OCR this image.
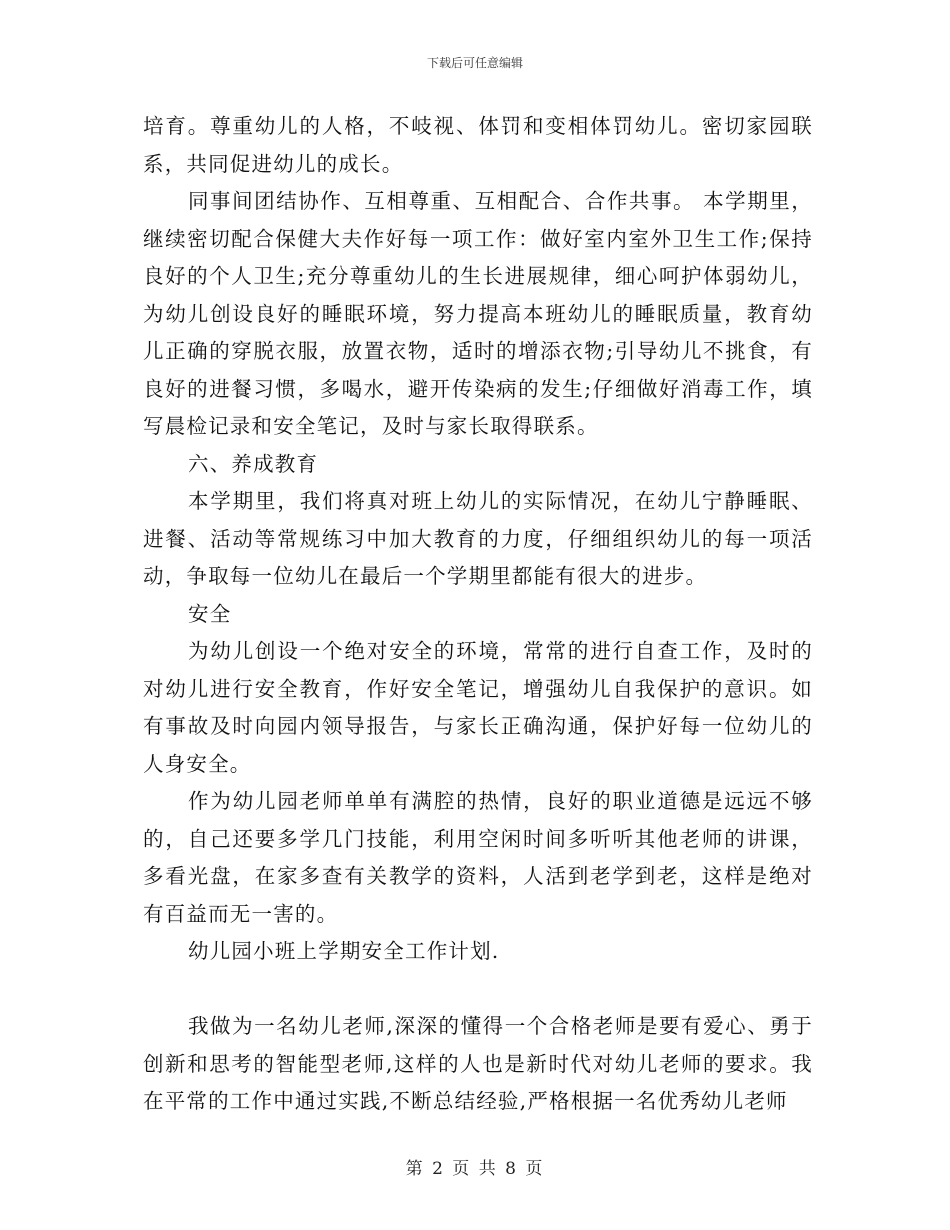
下载后可任意编辑

培育。尊重幼儿的人格，不岐视、体罚和变相体罚幼儿。密切家园联系，共同促进幼儿的成长。

同事间团结协作、互相尊重、互相配合、合作共事。 本学期里，继续密切配合保健大夫作好每一项工作：做好室内室外卫生工作;保持良好的个人卫生;充分尊重幼儿的生长进展规律，细心呵护体弱幼儿，为幼儿创设良好的睡眠环境，努力提高本班幼儿的睡眠质量，教育幼儿正确的穿脱衣服，放置衣物，适时的增添衣物;引导幼儿不挑食，有良好的进餐习惯，多喝水，避开传染病的发生;仔细做好消毒工作，填写晨检记录和安全笔记，及时与家长取得联系。

六、养成教育

本学期里，我们将真对班上幼儿的实际情况，在幼儿宁静睡眠、进餐、活动等常规练习中加大教育的力度，仔细组织幼儿的每一项活动，争取每一位幼儿在最后一个学期里都能有很大的进步。

安全

为幼儿创设一个绝对安全的环境，常常的进行自查工作，及时的对幼儿进行安全教育，作好安全笔记，增强幼儿自我保护的意识。如有事故及时向园内领导报告，与家长正确沟通，保护好每一位幼儿的人身安全。

作为幼儿园老师单单有满腔的热情，良好的职业道德是远远不够的，自己还要多学几门技能，利用空闲时间多听听其他老师的讲课，多看光盘，在家多查有关教学的资料，人活到老学到老，这样是绝对有百益而无一害的。

幼儿园小班上学期安全工作计划.

我做为一名幼儿老师,深深的懂得一个合格老师是要有爱心、勇于创新和思考的智能型老师,这样的人也是新时代对幼儿老师的要求。我在平常的工作中通过实践,不断总结经验,严格根据一名优秀幼儿老师

第 2 页 共 8 页
